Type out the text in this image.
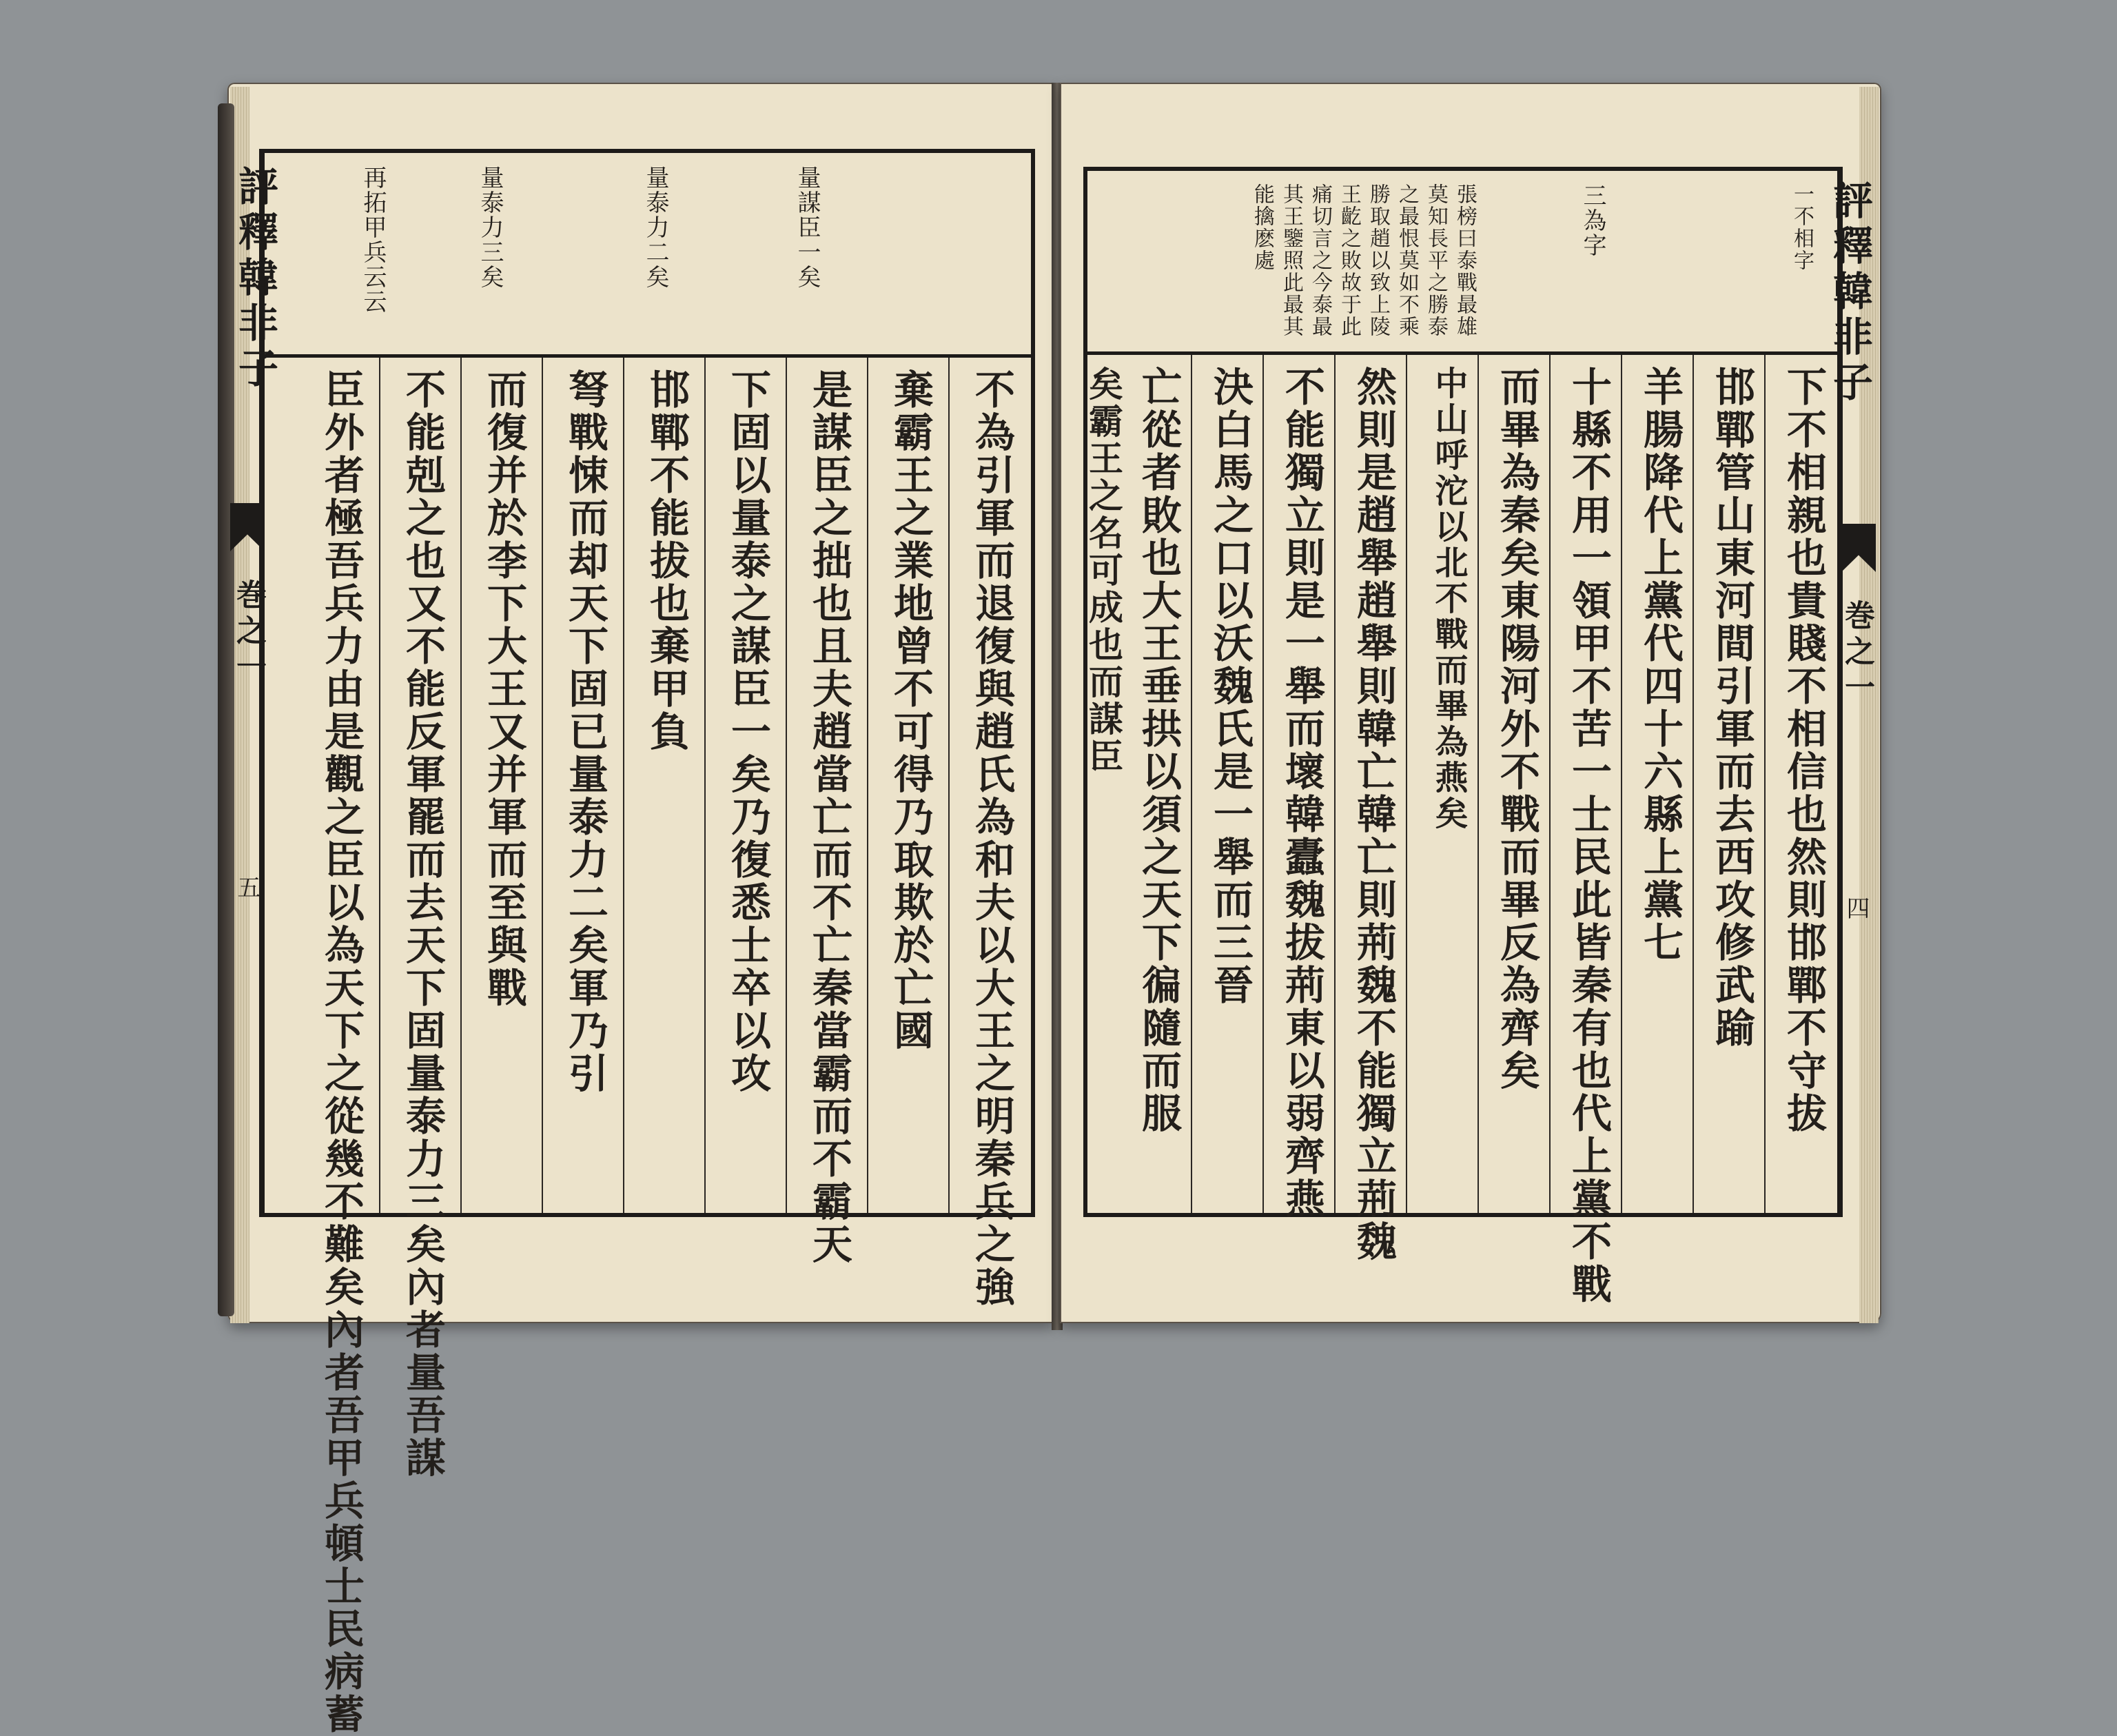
量謀臣一矣
量泰力二矣
量泰力三矣
再拓甲兵云云
不為引軍而退復與趙氏為和夫以大王之明秦兵之強
棄霸王之業地曾不可得乃取欺於亡國
是謀臣之拙也且夫趙當亡而不亡秦當霸而不霸天
下固以量泰之謀臣一矣乃復悉士卒以攻
邯鄲不能拔也棄甲負
弩戰悚而却天下固已量泰力二矣軍乃引
而復并於李下大王又并軍而至與戰
不能剋之也又不能反軍罷而去天下固量泰力三矣內者量吾謀
臣外者極吾兵力由是觀之臣以為天下之從幾不難矣內者吾甲兵頓士民病蓄
評釋韓非子
巻之一
五
一不相字
三為字
張榜曰泰戰最雄莫知長平之勝泰之最恨莫如不乘勝取趙以致上陵王齕之敗故于此痛切言之今泰最其王鑒照此最其能擒麽處
下不相親也貴賤不相信也然則邯鄲不守拔
邯鄲管山東河間引軍而去西攻修武踰
羊腸降代上黨代四十六縣上黨七
十縣不用一領甲不苦一士民此皆秦有也代上黨不戰
而畢為秦矣東陽河外不戰而畢反為齊矣
中山呼沱以北不戰而畢為燕矣
然則是趙舉趙舉則韓亡韓亡則荊魏不能獨立荊魏
不能獨立則是一舉而壞韓蠹魏拔荊東以弱齊燕
決白馬之口以沃魏氏是一舉而三晉
亡從者敗也大王垂拱以須之天下徧隨而服
矣霸王之名可成也而謀臣
評釋韓非子
巻之一
四
